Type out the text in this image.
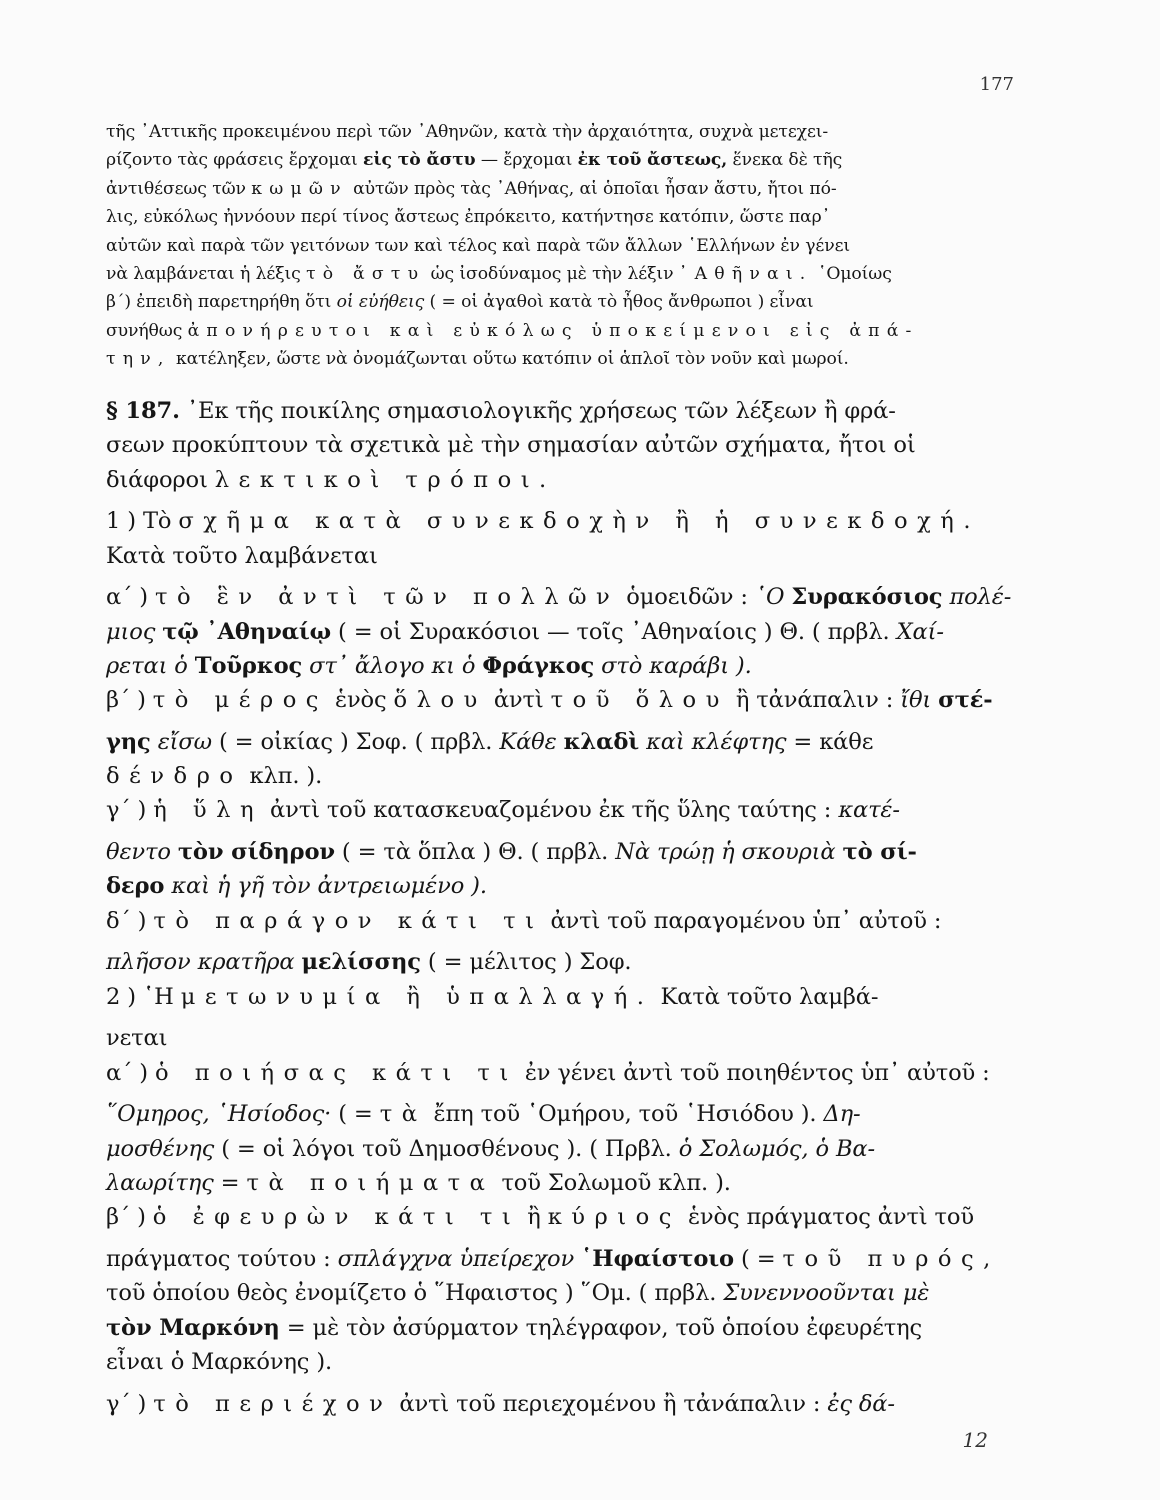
177

τῆς ᾿Αττικῆς προκειμένου περὶ τῶν ᾿Αθηνῶν, κατὰ τὴν ἀρχαιότητα, συχνὰ μετεχει-

ρίζοντο τὰς φράσεις ἔρχομαι εἰς τὸ ἄστυ — ἔρχομαι ἐκ τοῦ ἄστεως, ἕνεκα δὲ τῆς

ἀντιθέσεως τῶν κωμῶν αὐτῶν πρὸς τὰς ᾿Αθήνας, αἱ ὁποῖαι ἦσαν ἄστυ, ἤτοι πό-

λις, εὐκόλως ἠννόουν περί τίνος ἄστεως ἐπρόκειτο, κατήντησε κατόπιν, ὥστε παρ᾿

αὐτῶν καὶ παρὰ τῶν γειτόνων των καὶ τέλος καὶ παρὰ τῶν ἄλλων ῾Ελλήνων ἐν γένει

νὰ λαμβάνεται ἡ λέξις τὸ ἄστυ ὡς ἰσοδύναμος μὲ τὴν λέξιν ᾿Αθῆναι. ῾Ομοίως

β΄) ἐπειδὴ παρετηρήθη ὅτι οἱ εὐήθεις ( = οἱ ἀγαθοὶ κατὰ τὸ ἦθος ἄνθρωποι ) εἶναι

συνήθως ἀπονήρευτοι καὶ εὐκόλως ὑποκείμενοι εἰς ἀπά-

την, κατέληξεν, ὥστε νὰ ὀνομάζωνται οὕτω κατόπιν οἱ ἁπλοῖ τὸν νοῦν καὶ μωροί.

§ 187. ᾿Εκ τῆς ποικίλης σημασιολογικῆς χρήσεως τῶν λέξεων ἢ φρά-

σεων προκύπτουν τὰ σχετικὰ μὲ τὴν σημασίαν αὐτῶν σχήματα, ἤτοι οἱ

διάφοροι λεκτικοὶ τρόποι.

1 ) Τὸ σχῆμα κατὰ συνεκδοχὴν ἢ ἡ συνεκδοχή.

Κατὰ τοῦτο λαμβάνεται

α΄ ) τὸ ἓν ἀντὶ τῶν πολλῶν ὁμοειδῶν : ῾Ο Συρακόσιος πολέ-

μιος τῷ ᾿Αθηναίῳ ( = οἱ Συρακόσιοι — τοῖς ᾿Αθηναίοις ) Θ. ( πρβλ. Χαί-

ρεται ὁ Τοῦρκος στ᾿ ἄλογο κι ὁ Φράγκος στὸ καράβι ).

β΄ ) τὸ μέρος ἑνὸς ὅλου ἀντὶ τοῦ ὅλου ἢ τἀνάπαλιν : ἴθι στέ-

γης εἴσω ( = οἰκίας ) Σοφ. ( πρβλ. Κάθε κλαδὶ καὶ κλέφτης = κάθε

δένδρο κλπ. ).

γ΄ ) ἡ ὕλη ἀντὶ τοῦ κατασκευαζομένου ἐκ τῆς ὕλης ταύτης : κατέ-

θεντο τὸν σίδηρον ( = τὰ ὅπλα ) Θ. ( πρβλ. Νὰ τρώῃ ἡ σκουριὰ τὸ σί-

δερο καὶ ἡ γῆ τὸν ἀντρειωμένο ).

δ΄ ) τὸ παράγον κάτι τι ἀντὶ τοῦ παραγομένου ὑπ᾿ αὐτοῦ :

πλῆσον κρατῆρα μελίσσης ( = μέλιτος ) Σοφ.

2 ) ῾Η μετωνυμία ἢ ὑπαλλαγή. Κατὰ τοῦτο λαμβά-

νεται

α΄ ) ὁ ποιήσας κάτι τι ἐν γένει ἀντὶ τοῦ ποιηθέντος ὑπ᾿ αὐτοῦ :

῞Ομηρος, ῾Ησίοδος· ( = τὰ ἔπη τοῦ ῾Ομήρου, τοῦ ῾Ησιόδου ). Δη-

μοσθένης ( = οἱ λόγοι τοῦ Δημοσθένους ). ( Πρβλ. ὁ Σολωμός, ὁ Βα-

λαωρίτης = τὰ ποιήματα τοῦ Σολωμοῦ κλπ. ).

β΄ ) ὁ ἐφευρὼν κάτι τι ἢ κύριος ἑνὸς πράγματος ἀντὶ τοῦ

πράγματος τούτου : σπλάγχνα ὑπείρεχον ῾Ηφαίστοιο ( = τοῦ πυρός,

τοῦ ὁποίου θεὸς ἐνομίζετο ὁ ῞Ηφαιστος ) ῞Ομ. ( πρβλ. Συνεννοοῦνται μὲ

τὸν Μαρκόνη = μὲ τὸν ἀσύρματον τηλέγραφον, τοῦ ὁποίου ἐφευρέτης

εἶναι ὁ Μαρκόνης ).

γ΄ ) τὸ περιέχον ἀντὶ τοῦ περιεχομένου ἢ τἀνάπαλιν : ἐς δά-

12
